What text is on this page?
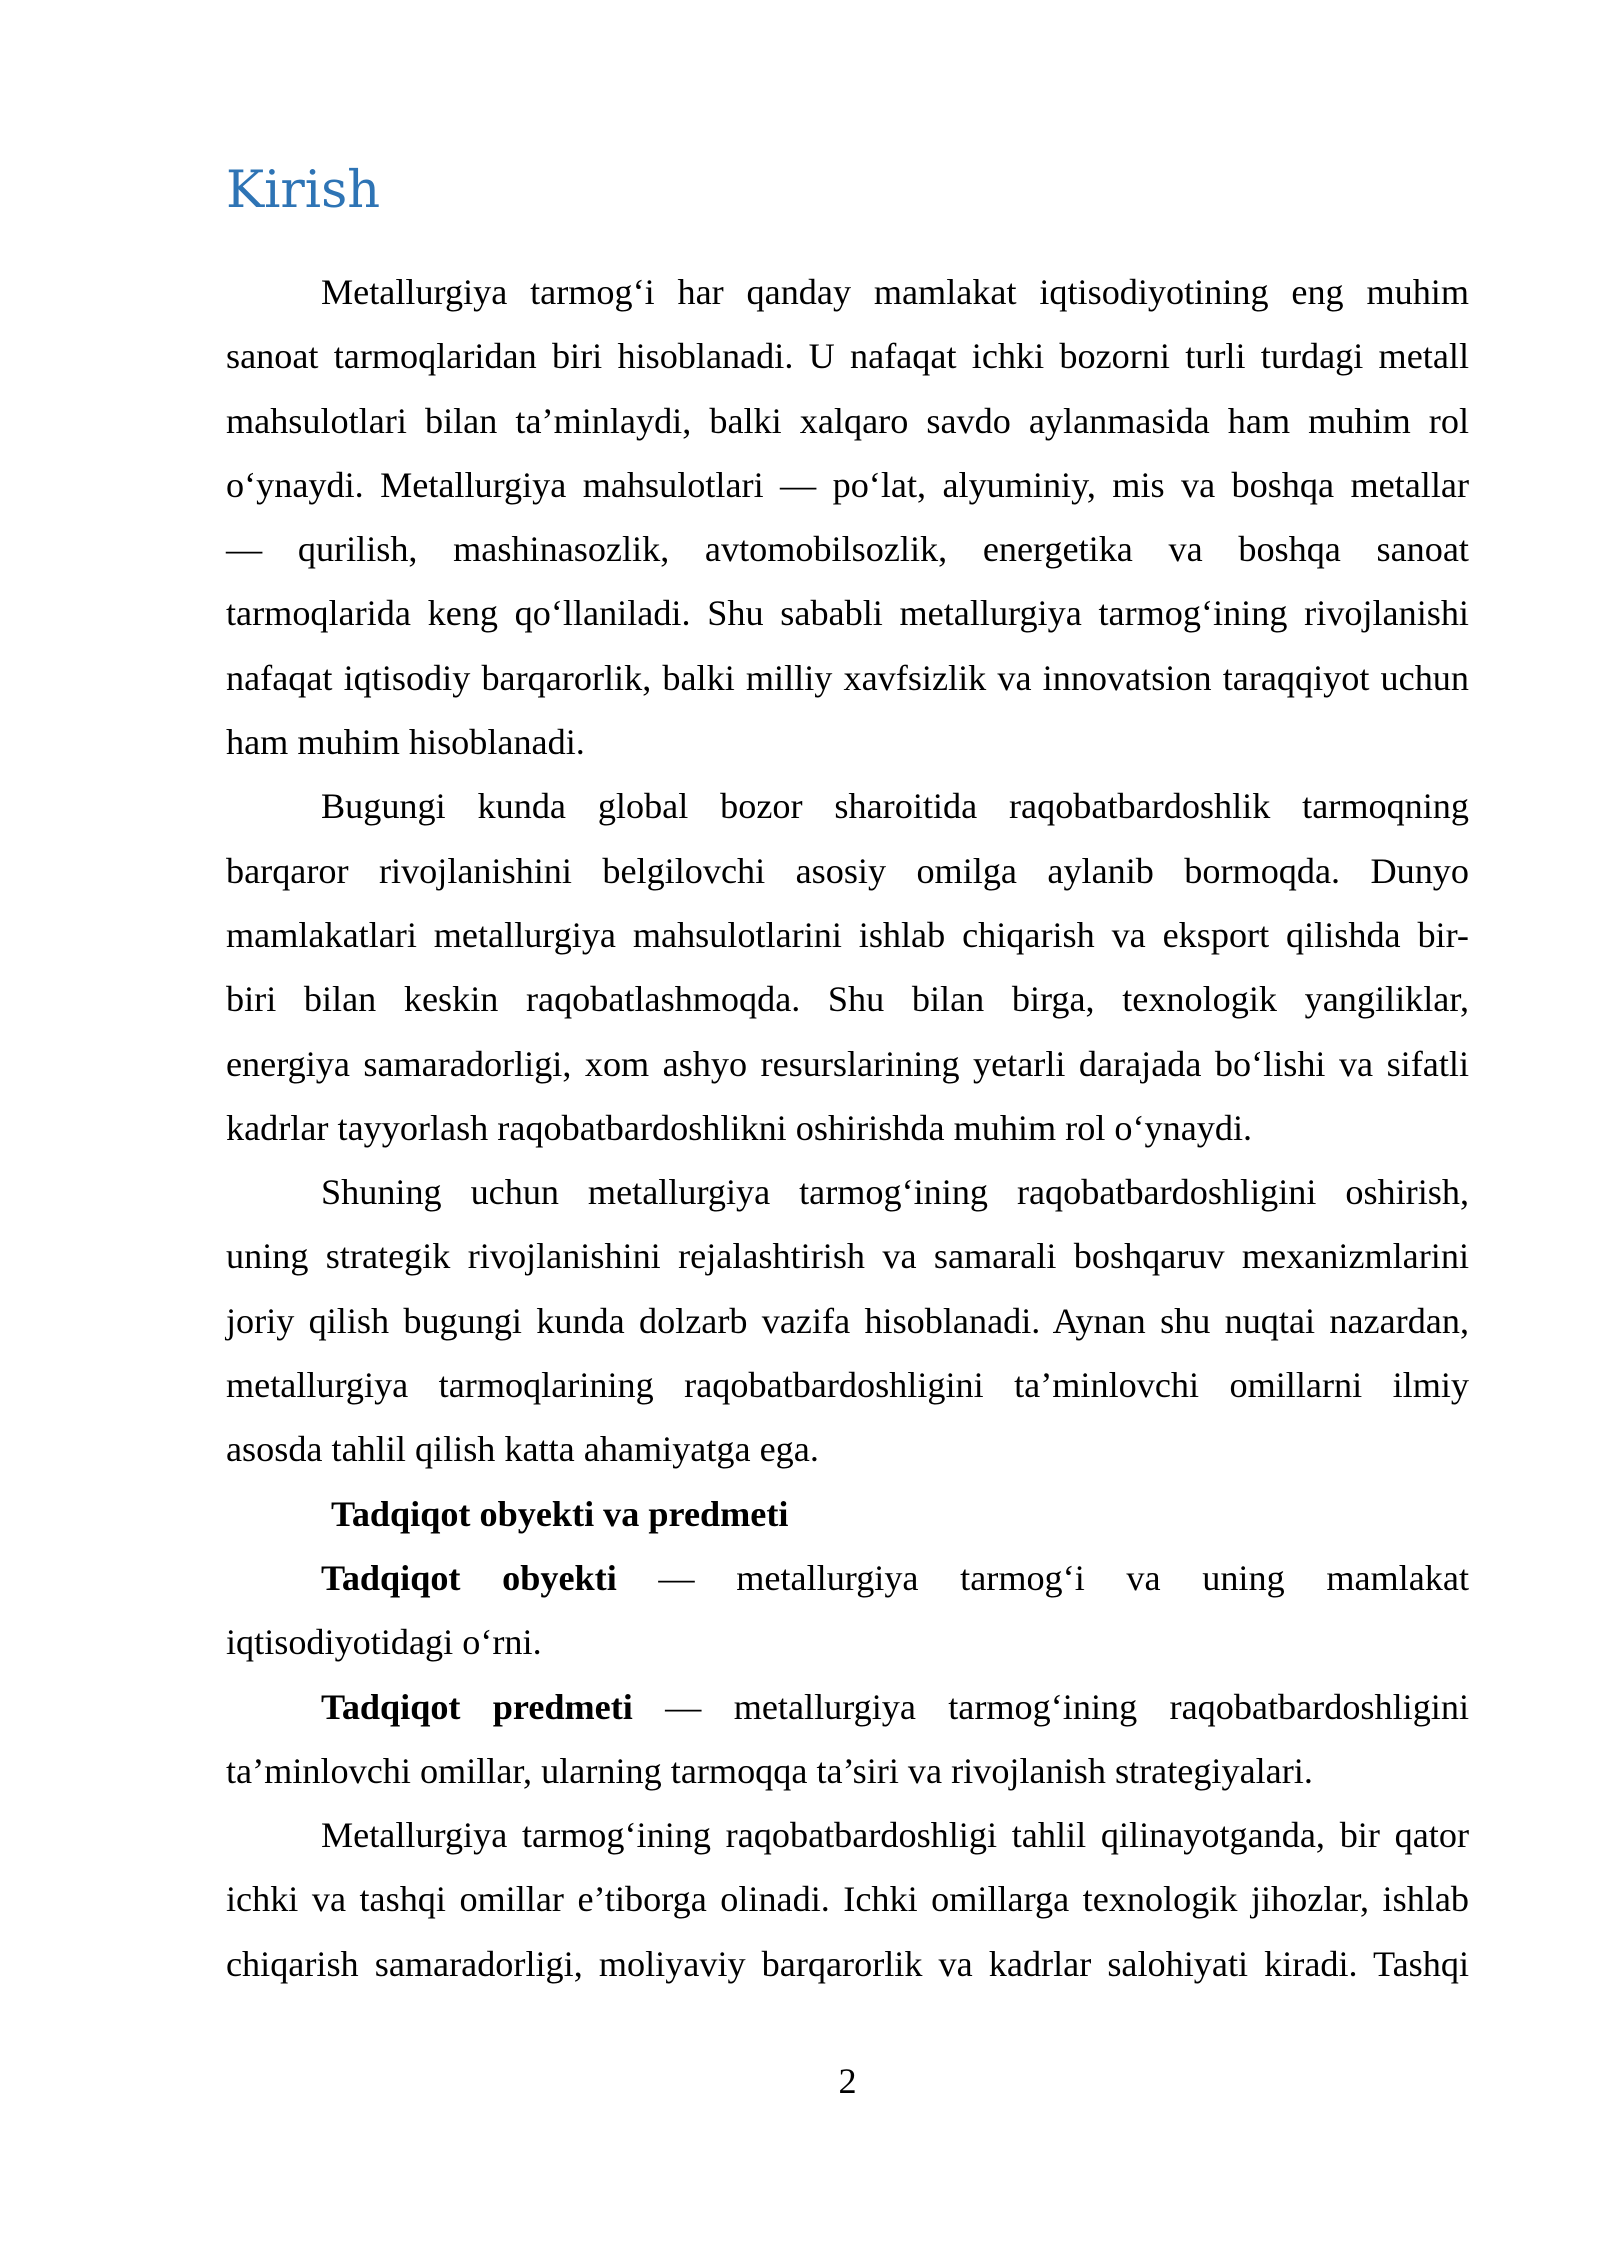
Kirish
Metallurgiya tarmog‘i har qanday mamlakat iqtisodiyotining eng muhim
sanoat tarmoqlaridan biri hisoblanadi. U nafaqat ichki bozorni turli turdagi metall
mahsulotlari bilan ta’minlaydi, balki xalqaro savdo aylanmasida ham muhim rol
o‘ynaydi. Metallurgiya mahsulotlari — po‘lat, alyuminiy, mis va boshqa metallar
— qurilish, mashinasozlik, avtomobilsozlik, energetika va boshqa sanoat
tarmoqlarida keng qo‘llaniladi. Shu sababli metallurgiya tarmog‘ining rivojlanishi
nafaqat iqtisodiy barqarorlik, balki milliy xavfsizlik va innovatsion taraqqiyot uchun
ham muhim hisoblanadi.
Bugungi kunda global bozor sharoitida raqobatbardoshlik tarmoqning
barqaror rivojlanishini belgilovchi asosiy omilga aylanib bormoqda. Dunyo
mamlakatlari metallurgiya mahsulotlarini ishlab chiqarish va eksport qilishda bir-
biri bilan keskin raqobatlashmoqda. Shu bilan birga, texnologik yangiliklar,
energiya samaradorligi, xom ashyo resurslarining yetarli darajada bo‘lishi va sifatli
kadrlar tayyorlash raqobatbardoshlikni oshirishda muhim rol o‘ynaydi.
Shuning uchun metallurgiya tarmog‘ining raqobatbardoshligini oshirish,
uning strategik rivojlanishini rejalashtirish va samarali boshqaruv mexanizmlarini
joriy qilish bugungi kunda dolzarb vazifa hisoblanadi. Aynan shu nuqtai nazardan,
metallurgiya tarmoqlarining raqobatbardoshligini ta’minlovchi omillarni ilmiy
asosda tahlil qilish katta ahamiyatga ega.
Tadqiqot obyekti va predmeti
Tadqiqot obyekti — metallurgiya tarmog‘i va uning mamlakat
iqtisodiyotidagi o‘rni.
Tadqiqot predmeti — metallurgiya tarmog‘ining raqobatbardoshligini
ta’minlovchi omillar, ularning tarmoqqa ta’siri va rivojlanish strategiyalari.
Metallurgiya tarmog‘ining raqobatbardoshligi tahlil qilinayotganda, bir qator
ichki va tashqi omillar e’tiborga olinadi. Ichki omillarga texnologik jihozlar, ishlab
chiqarish samaradorligi, moliyaviy barqarorlik va kadrlar salohiyati kiradi. Tashqi
2
